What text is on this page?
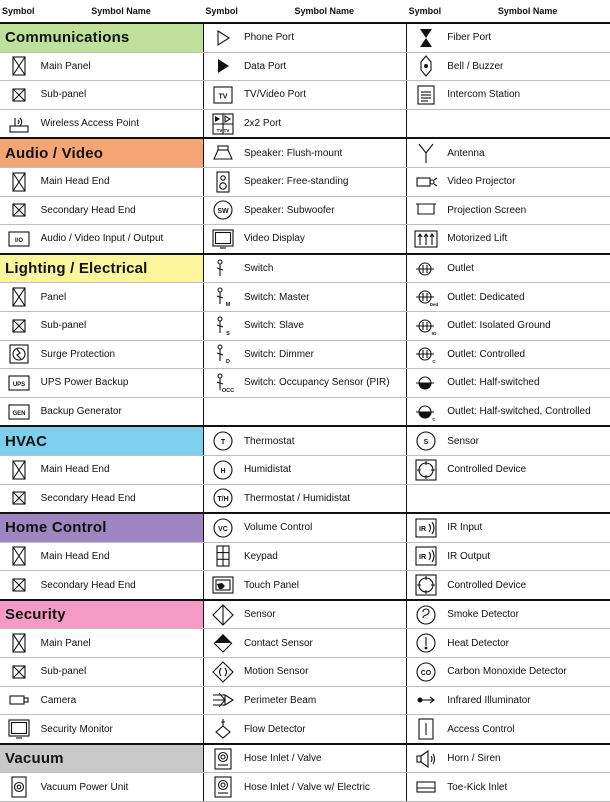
Symbol	Symbol Name	Symbol	Symbol Name	Symbol	Symbol Name
Communications			Phone Port		Fiber Port

	Main Panel		Data Port		Bell / Buzzer

	Sub-panel	TV	TV/Video Port		Intercom Station

	Wireless Access Point	TV TV	2x2 Port		
Audio / Video			Speaker: Flush-mount		Antenna

	Main Head End		Speaker: Free-standing		Video Projector

	Secondary Head End	SW	Speaker: Subwoofer		Projection Screen

I/O	Audio / Video Input / Output		Video Display		Motorized Lift
Lighting / Electrical			Switch		Outlet

	Panel	M	Switch: Master	Ded	Outlet: Dedicated

	Sub-panel	S	Switch: Slave	IG	Outlet: Isolated Ground

	Surge Protection	D	Switch: Dimmer	C	Outlet: Controlled

UPS	UPS Power Backup	OCC	Switch: Occupancy Sensor (PIR)		Outlet: Half-switched

GEN	Backup Generator			C	Outlet: Half-switched, Controlled
HVAC		T	Thermostat	S	Sensor

	Main Head End	H	Humidistat		Controlled Device

	Secondary Head End	T/H	Thermostat / Humidistat		
Home Control		VC	Volume Control	IR	IR Input

	Main Head End		Keypad	IR	IR Output

	Secondary Head End		Touch Panel		Controlled Device
Security			Sensor		Smoke Detector

	Main Panel		Contact Sensor		Heat Detector

	Sub-panel		Motion Sensor	CO	Carbon Monoxide Detector

	Camera		Perimeter Beam		Infrared Illuminator

	Security Monitor		Flow Detector		Access Control
Vacuum			Hose Inlet / Valve		Horn / Siren

	Vacuum Power Unit		Hose Inlet / Valve w/ Electric		Toe-Kick Inlet
